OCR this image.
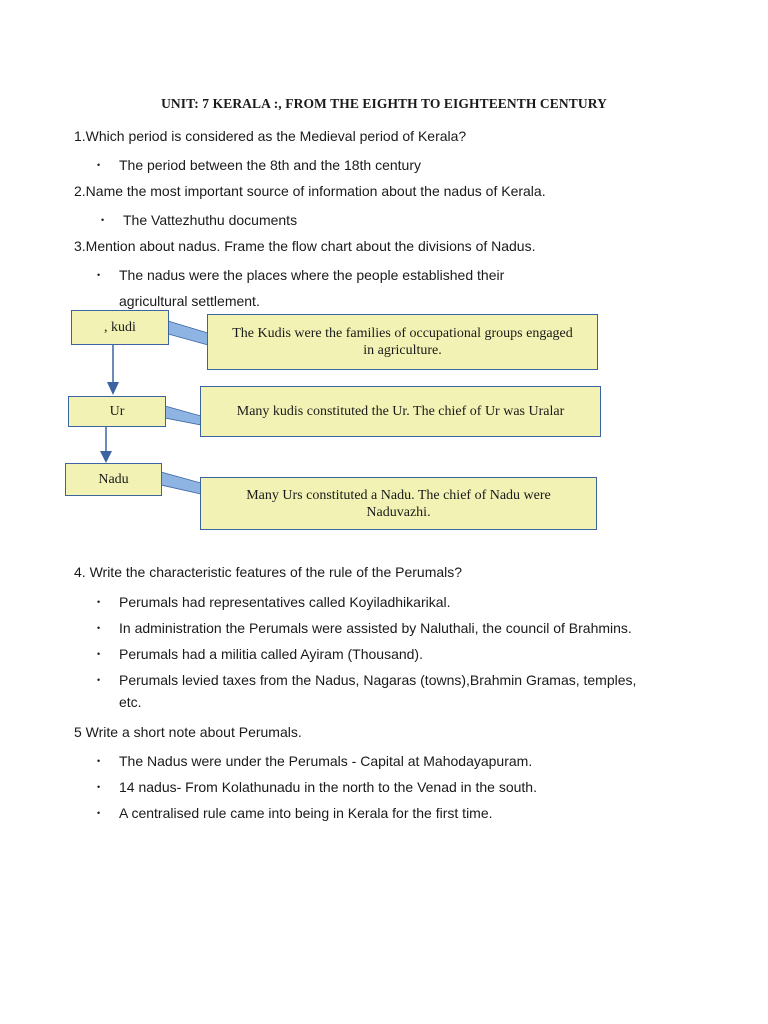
UNIT: 7 KERALA :, FROM THE EIGHTH TO EIGHTEENTH CENTURY
1.Which period is considered as the Medieval period of Kerala?
• The period between the 8th and the 18th century
2.Name the most important source of information about the nadus of Kerala.
• The Vattezhuthu documents
3.Mention about nadus. Frame the flow chart about the divisions of Nadus.
• The nadus were the places where the people established their
agricultural settlement.
, kudi	The Kudis were the families of occupational groups engaged
in agriculture.
Ur	Many kudis constituted the Ur. The chief of Ur was Uralar
Nadu
Many Urs constituted a Nadu. The chief of Nadu were
Naduvazhi.
4. Write the characteristic features of the rule of the Perumals?
• Perumals had representatives called Koyiladhikarikal.
• In administration the Perumals were assisted by Naluthali, the council of Brahmins.
• Perumals had a militia called Ayiram (Thousand).
• Perumals levied taxes from the Nadus, Nagaras (towns),Brahmin Gramas, temples,
etc.
5 Write a short note about Perumals.
• The Nadus were under the Perumals - Capital at Mahodayapuram.
• 14 nadus- From Kolathunadu in the north to the Venad in the south.
• A centralised rule came into being in Kerala for the first time.
